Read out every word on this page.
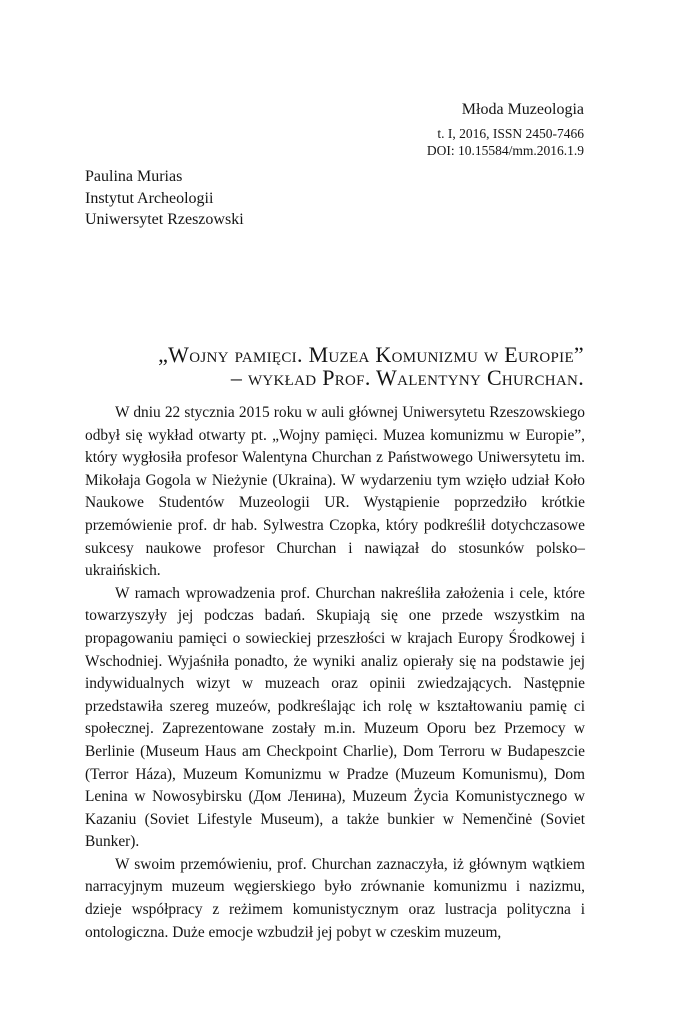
Młoda Muzeologia
t. I, 2016, ISSN 2450-7466
DOI: 10.15584/mm.2016.1.9
Paulina Murias
Instytut Archeologii
Uniwersytet Rzeszowski
„Wojny pamięci. Muzea Komunizmu w Europie”
– wykład Prof. Walentyny Churchan.

W dniu 22 stycznia 2015 roku w auli głównej Uniwersytetu Rzeszowskiego odbył się wykład otwarty pt. „Wojny pamięci. Muzea komunizmu w Europie”, który wygłosiła profesor Walentyna Churchan z Państwowego Uniwersytetu im. Mikołaja Gogola w Nieżynie (Ukraina). W wydarzeniu tym wzięło udział Koło Naukowe Studentów Muzeologii UR. Wystąpienie poprzedziło krótkie przemówienie prof. dr hab. Sylwestra Czopka, który podkreślił dotychczasowe sukcesy naukowe profesor Churchan i nawiązał do stosunków polsko–ukraińskich.

W ramach wprowadzenia prof. Churchan nakreśliła założenia i cele, które towarzyszyły jej podczas badań. Skupiają się one przede wszystkim na propagowaniu pamięci o sowieckiej przeszłości w krajach Europy Środkowej i Wschodniej. Wyjaśniła ponadto, że wyniki analiz opierały się na podstawie jej indywidualnych wizyt w muzeach oraz opinii zwiedzających. Następnie przedstawiła szereg muzeów, podkreślając ich rolę w kształtowaniu pamię ci społecznej. Zaprezentowane zostały m.in. Muzeum Oporu bez Przemocy w Berlinie (Museum Haus am Checkpoint Charlie), Dom Terroru w Budapeszcie (Terror Háza), Muzeum Komunizmu w Pradze (Muzeum Komunismu), Dom Lenina w Nowosybirsku (Дом Ленина), Muzeum Życia Komunistycznego w Kazaniu (Soviet Lifestyle Museum), a także bunkier w Nemenčinė (Soviet Bunker).

W swoim przemówieniu, prof. Churchan zaznaczyła, iż głównym wątkiem narracyjnym muzeum węgierskiego było zrównanie komunizmu i nazizmu, dzieje współpracy z reżimem komunistycznym oraz lustracja polityczna i ontologiczna. Duże emocje wzbudził jej pobyt w czeskim muzeum,
